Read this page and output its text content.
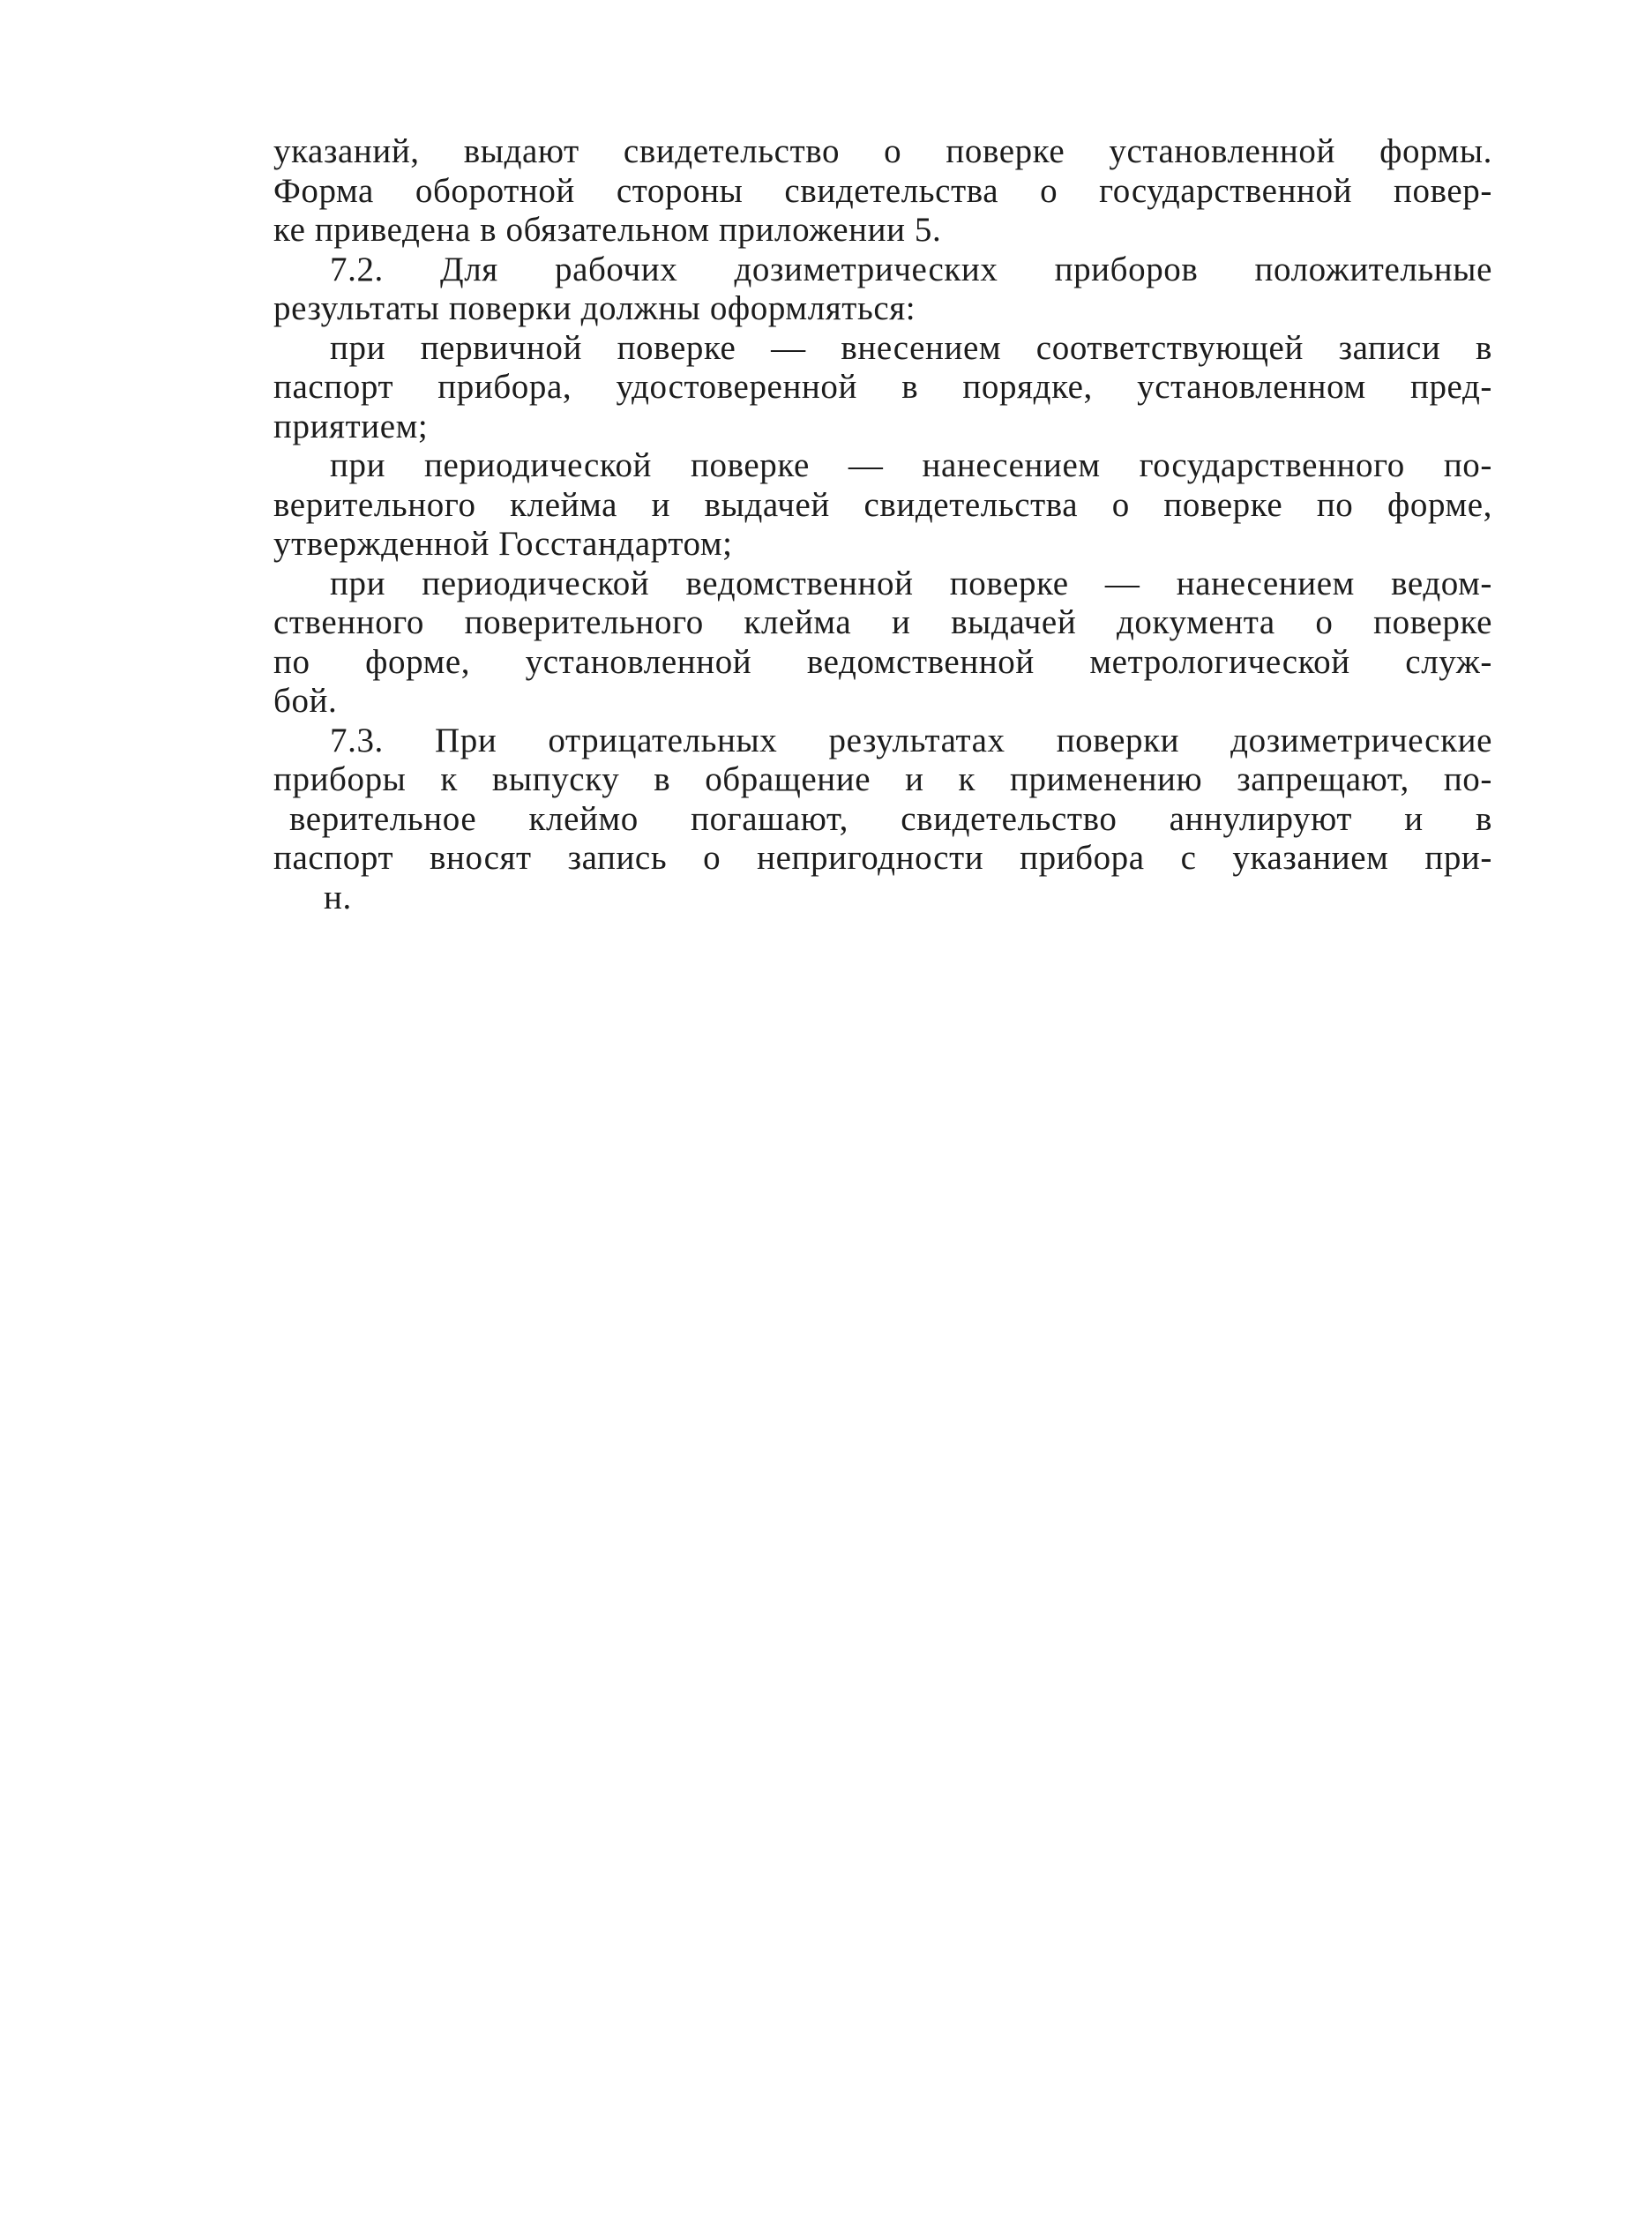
указаний, выдают свидетельство о поверке установленной формы.
Форма оборотной стороны свидетельства о государственной повер-
ке приведена в обязательном приложении 5.
7.2. Для рабочих дозиметрических приборов положительные
результаты поверки должны оформляться:
при первичной поверке — внесением соответствующей записи в
паспорт прибора, удостоверенной в порядке, установленном пред-
приятием;
при периодической поверке — нанесением государственного по-
верительного клейма и выдачей свидетельства о поверке по форме,
утвержденной Госстандартом;
при периодической ведомственной поверке — нанесением ведом-
ственного поверительного клейма и выдачей документа о поверке
по форме, установленной ведомственной метрологической служ-
бой.
7.3. При отрицательных результатах поверки дозиметрические
приборы к выпуску в обращение и к применению запрещают, по-
верительное клеймо погашают, свидетельство аннулируют и в
паспорт вносят запись о непригодности прибора с указанием при-
н.
